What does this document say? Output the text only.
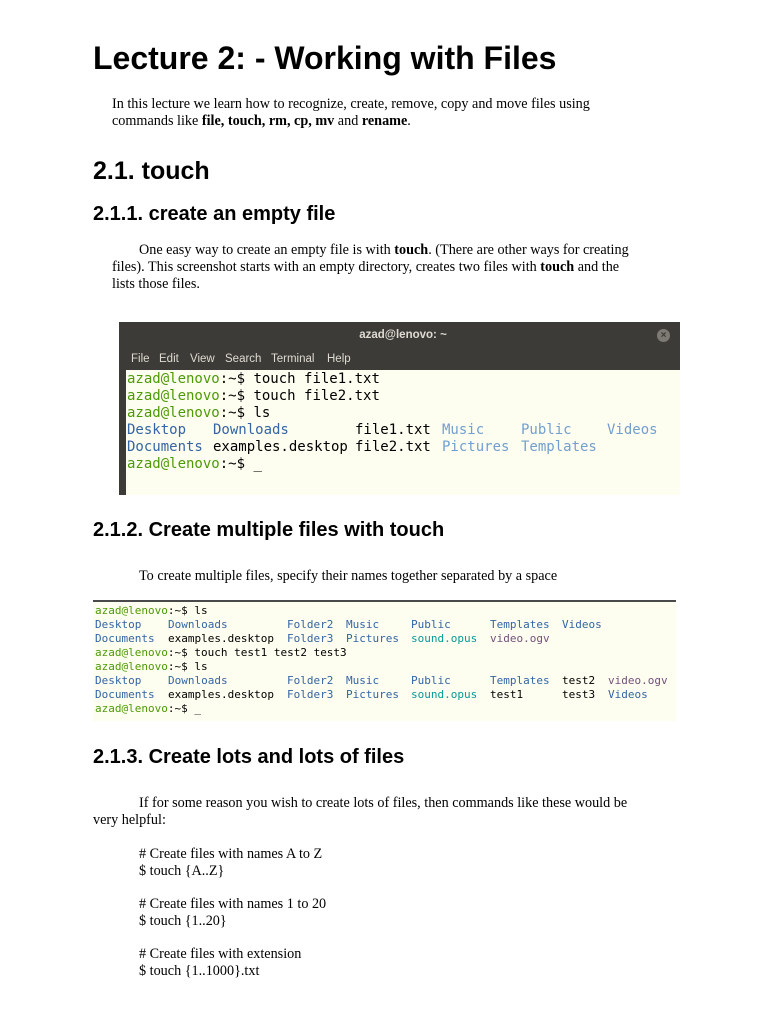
Lecture 2: - Working with Files
In this lecture we learn how to recognize, create, remove, copy and move files using
commands like file, touch, rm, cp, mv and rename.
2.1. touch
2.1.1. create an empty file
One easy way to create an empty file is with touch. (There are other ways for creating
files). This screenshot starts with an empty directory, creates two files with touch and the
lists those files.
azad@lenovo: ~	×
File Edit View Search Terminal Help
azad@lenovo:~$ touch file1.txt
azad@lenovo:~$ touch file2.txt
azad@lenovo:~$ ls
Desktop Downloads	file1.txt Music	Public	Videos
Documents examples.desktop file2.txt Pictures Templates
azad@lenovo:~$ _
2.1.2. Create multiple files with touch
To create multiple files, specify their names together separated by a space
azad@lenovo:~$ ls
Desktop Downloads	Folder2 Music	Public	Templates Videos
Documents examples.desktop Folder3 Pictures sound.opus video.ogv
azad@lenovo:~$ touch test1 test2 test3
azad@lenovo:~$ ls
Desktop Downloads	Folder2 Music	Public	Templates test2 video.ogv
Documents examples.desktop Folder3 Pictures sound.opus test1	test3 Videos
azad@lenovo:~$ _
2.1.3. Create lots and lots of files
If for some reason you wish to create lots of files, then commands like these would be
very helpful:
# Create files with names A to Z
$ touch {A..Z}
# Create files with names 1 to 20
$ touch {1..20}
# Create files with extension
$ touch {1..1000}.txt
